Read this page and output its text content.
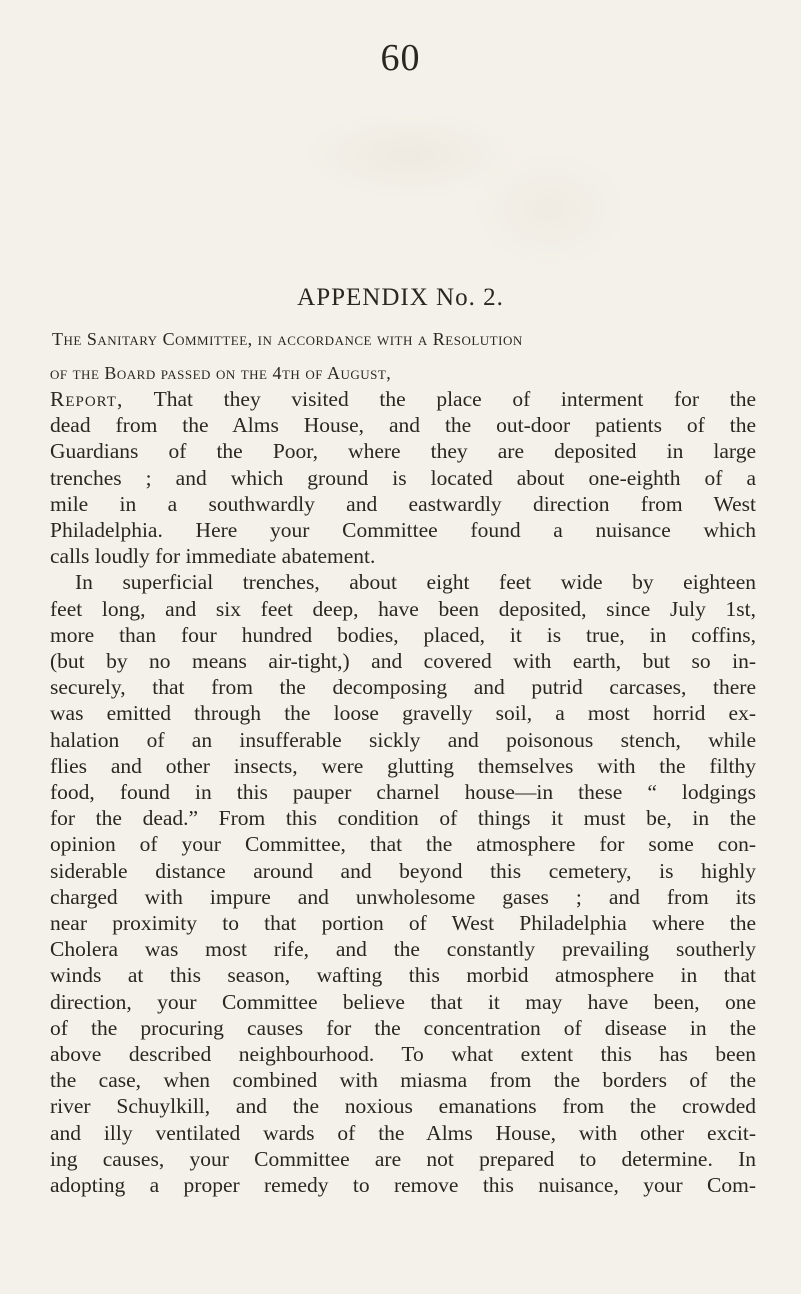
60
APPENDIX No. 2.
The Sanitary Committee, in accordance with a Resolution
of the Board passed on the 4th of August,
Report, That they visited the place of interment for the
dead from the Alms House, and the out-door patients of the
Guardians of the Poor, where they are deposited in large
trenches ; and which ground is located about one-eighth of a
mile in a southwardly and eastwardly direction from West
Philadelphia. Here your Committee found a nuisance which
calls loudly for immediate abatement.
In superficial trenches, about eight feet wide by eighteen
feet long, and six feet deep, have been deposited, since July 1st,
more than four hundred bodies, placed, it is true, in coffins,
(but by no means air-tight,) and covered with earth, but so in-
securely, that from the decomposing and putrid carcases, there
was emitted through the loose gravelly soil, a most horrid ex-
halation of an insufferable sickly and poisonous stench, while
flies and other insects, were glutting themselves with the filthy
food, found in this pauper charnel house—in these “ lodgings
for the dead.” From this condition of things it must be, in the
opinion of your Committee, that the atmosphere for some con-
siderable distance around and beyond this cemetery, is highly
charged with impure and unwholesome gases ; and from its
near proximity to that portion of West Philadelphia where the
Cholera was most rife, and the constantly prevailing southerly
winds at this season, wafting this morbid atmosphere in that
direction, your Committee believe that it may have been, one
of the procuring causes for the concentration of disease in the
above described neighbourhood. To what extent this has been
the case, when combined with miasma from the borders of the
river Schuylkill, and the noxious emanations from the crowded
and illy ventilated wards of the Alms House, with other excit-
ing causes, your Committee are not prepared to determine. In
adopting a proper remedy to remove this nuisance, your Com-
